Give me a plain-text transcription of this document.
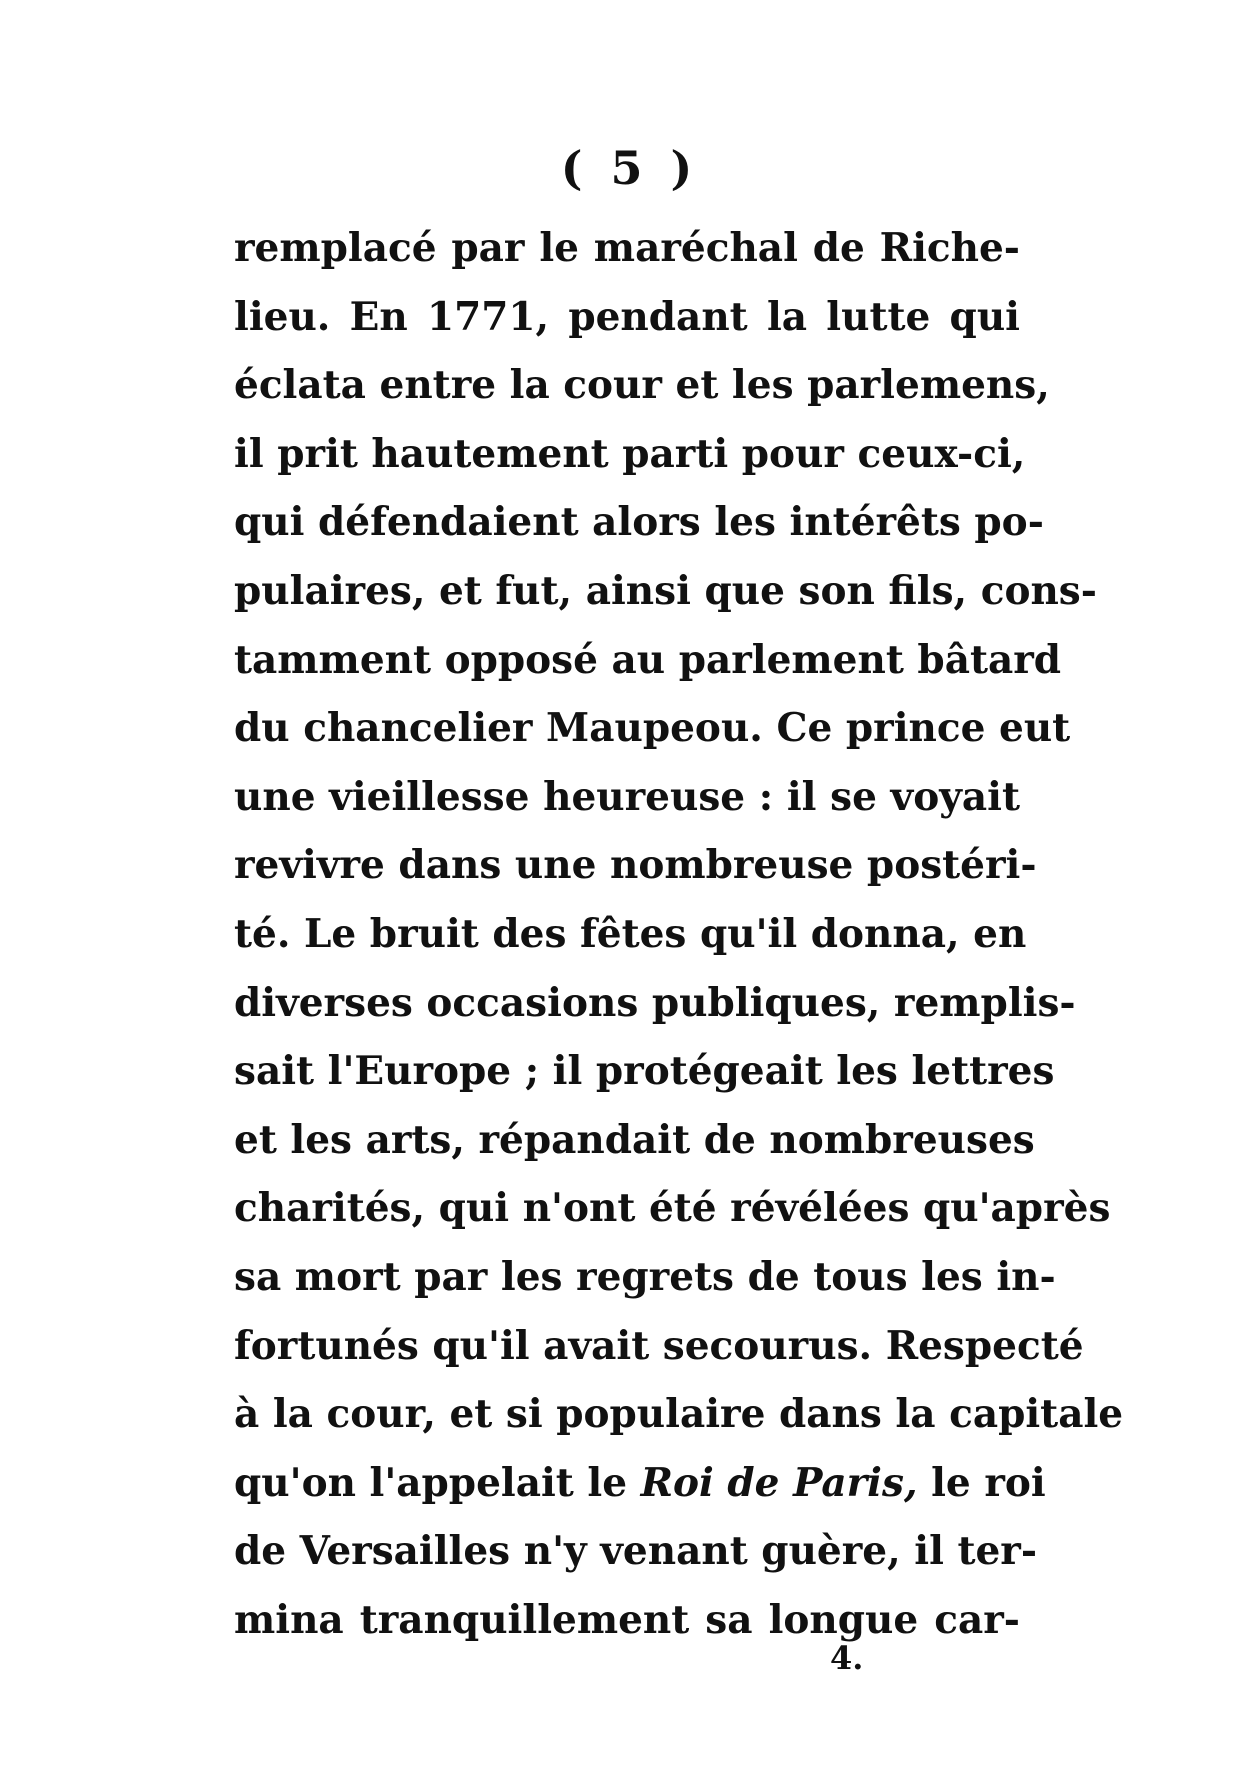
( 5 )
remplacé par le maréchal de Riche-
lieu. En 1771, pendant la lutte qui
éclata entre la cour et les parlemens,
il prit hautement parti pour ceux-ci,
qui défendaient alors les intérêts po-
pulaires, et fut, ainsi que son fils, cons-
tamment opposé au parlement bâtard
du chancelier Maupeou. Ce prince eut
une vieillesse heureuse : il se voyait
revivre dans une nombreuse postéri-
té. Le bruit des fêtes qu'il donna, en
diverses occasions publiques, remplis-
sait l'Europe ; il protégeait les lettres
et les arts, répandait de nombreuses
charités, qui n'ont été révélées qu'après
sa mort par les regrets de tous les in-
fortunés qu'il avait secourus. Respecté
à la cour, et si populaire dans la capitale
qu'on l'appelait le Roi de Paris, le roi
de Versailles n'y venant guère, il ter-
mina tranquillement sa longue car-
4.
